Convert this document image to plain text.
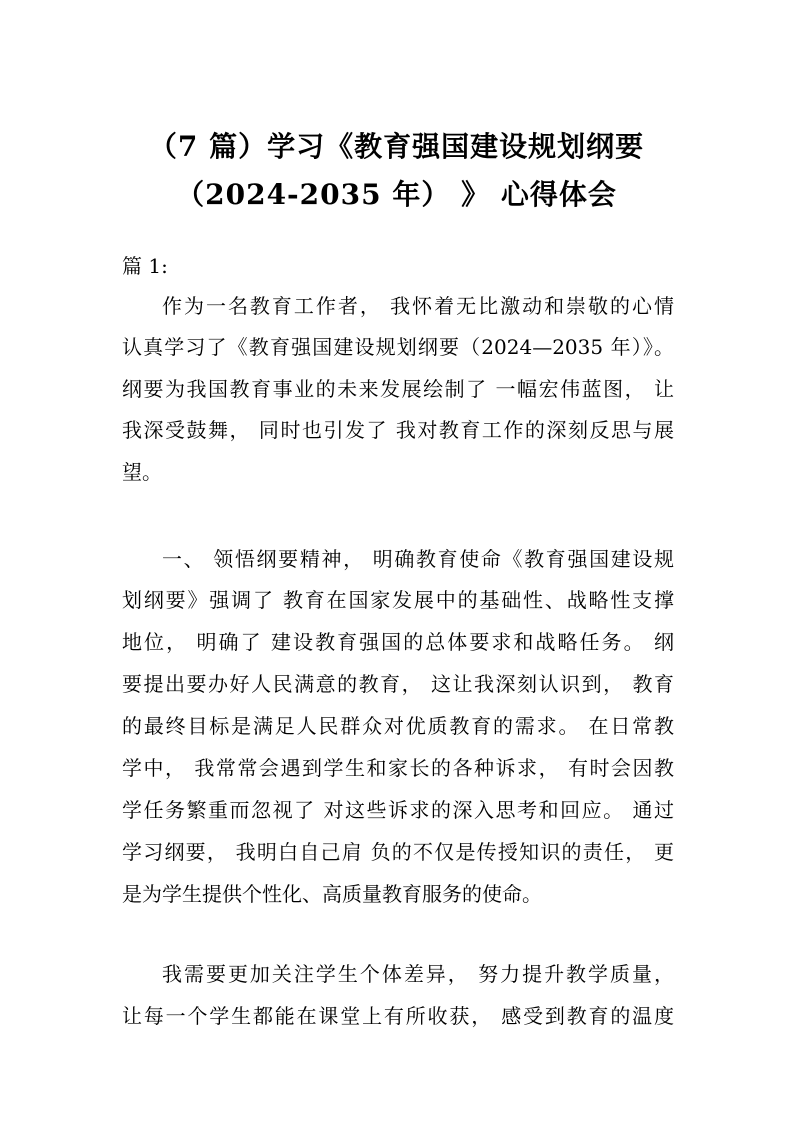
（7 篇）学习《教育强国建设规划纲要
（2024-2035 年） 》 心得体会
篇 1:
作为一名教育工作者， 我怀着无比激动和崇敬的心情
认真学习了《教育强国建设规划纲要（2024—2035 年）》。
纲要为我国教育事业的未来发展绘制了 一幅宏伟蓝图， 让
我深受鼓舞， 同时也引发了 我对教育工作的深刻反思与展
望。
一、 领悟纲要精神， 明确教育使命《教育强国建设规
划纲要》强调了 教育在国家发展中的基础性、战略性支撑
地位， 明确了 建设教育强国的总体要求和战略任务。 纲
要提出要办好人民满意的教育， 这让我深刻认识到， 教育
的最终目标是满足人民群众对优质教育的需求。 在日常教
学中， 我常常会遇到学生和家长的各种诉求， 有时会因教
学任务繁重而忽视了 对这些诉求的深入思考和回应。 通过
学习纲要， 我明白自己肩 负的不仅是传授知识的责任， 更
是为学生提供个性化、高质量教育服务的使命。
我需要更加关注学生个体差异， 努力提升教学质量，
让每一个学生都能在课堂上有所收获， 感受到教育的温度
